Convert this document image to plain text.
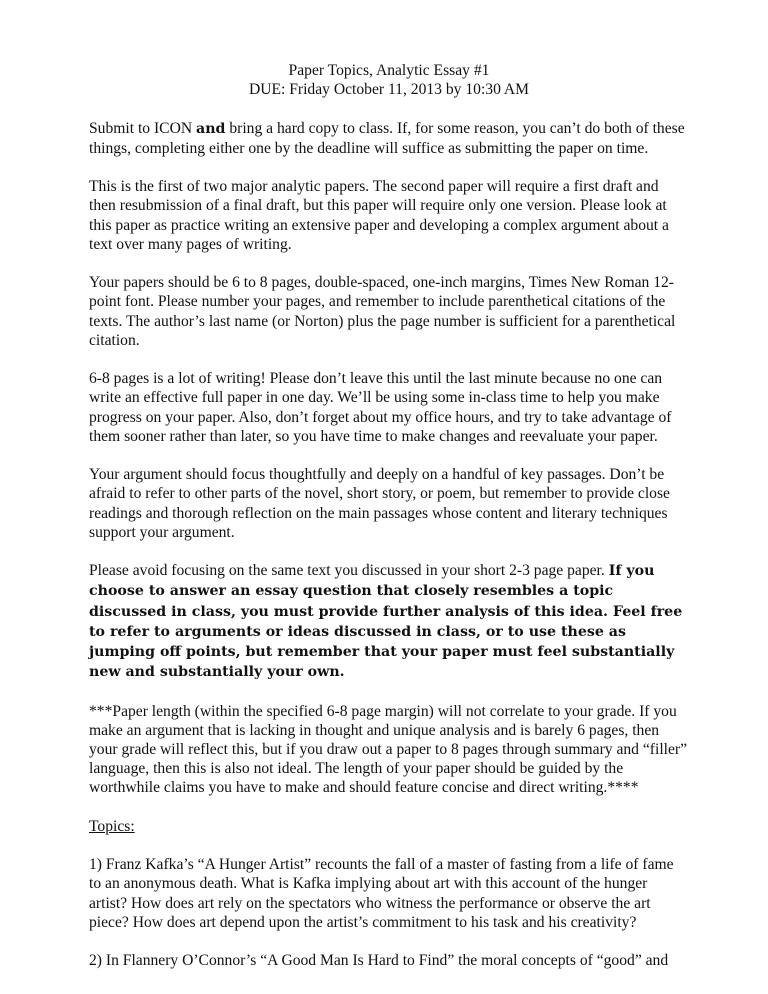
Paper Topics, Analytic Essay #1
DUE: Friday October 11, 2013 by 10:30 AM

Submit to ICON and bring a hard copy to class. If, for some reason, you can’t do both of these things, completing either one by the deadline will suffice as submitting the paper on time.

This is the first of two major analytic papers. The second paper will require a first draft and then resubmission of a final draft, but this paper will require only one version. Please look at this paper as practice writing an extensive paper and developing a complex argument about a text over many pages of writing.

Your papers should be 6 to 8 pages, double-spaced, one-inch margins, Times New Roman 12-point font. Please number your pages, and remember to include parenthetical citations of the texts. The author’s last name (or Norton) plus the page number is sufficient for a parenthetical citation.

6-8 pages is a lot of writing! Please don’t leave this until the last minute because no one can write an effective full paper in one day. We’ll be using some in-class time to help you make progress on your paper. Also, don’t forget about my office hours, and try to take advantage of them sooner rather than later, so you have time to make changes and reevaluate your paper.

Your argument should focus thoughtfully and deeply on a handful of key passages. Don’t be afraid to refer to other parts of the novel, short story, or poem, but remember to provide close readings and thorough reflection on the main passages whose content and literary techniques support your argument.

Please avoid focusing on the same text you discussed in your short 2-3 page paper. If you choose to answer an essay question that closely resembles a topic discussed in class, you must provide further analysis of this idea. Feel free to refer to arguments or ideas discussed in class, or to use these as jumping off points, but remember that your paper must feel substantially new and substantially your own.

***Paper length (within the specified 6-8 page margin) will not correlate to your grade. If you make an argument that is lacking in thought and unique analysis and is barely 6 pages, then your grade will reflect this, but if you draw out a paper to 8 pages through summary and “filler” language, then this is also not ideal. The length of your paper should be guided by the worthwhile claims you have to make and should feature concise and direct writing.****

Topics:

1) Franz Kafka’s “A Hunger Artist” recounts the fall of a master of fasting from a life of fame to an anonymous death. What is Kafka implying about art with this account of the hunger artist? How does art rely on the spectators who witness the performance or observe the art piece? How does art depend upon the artist’s commitment to his task and his creativity?

2) In Flannery O’Connor’s “A Good Man Is Hard to Find” the moral concepts of “good” and
